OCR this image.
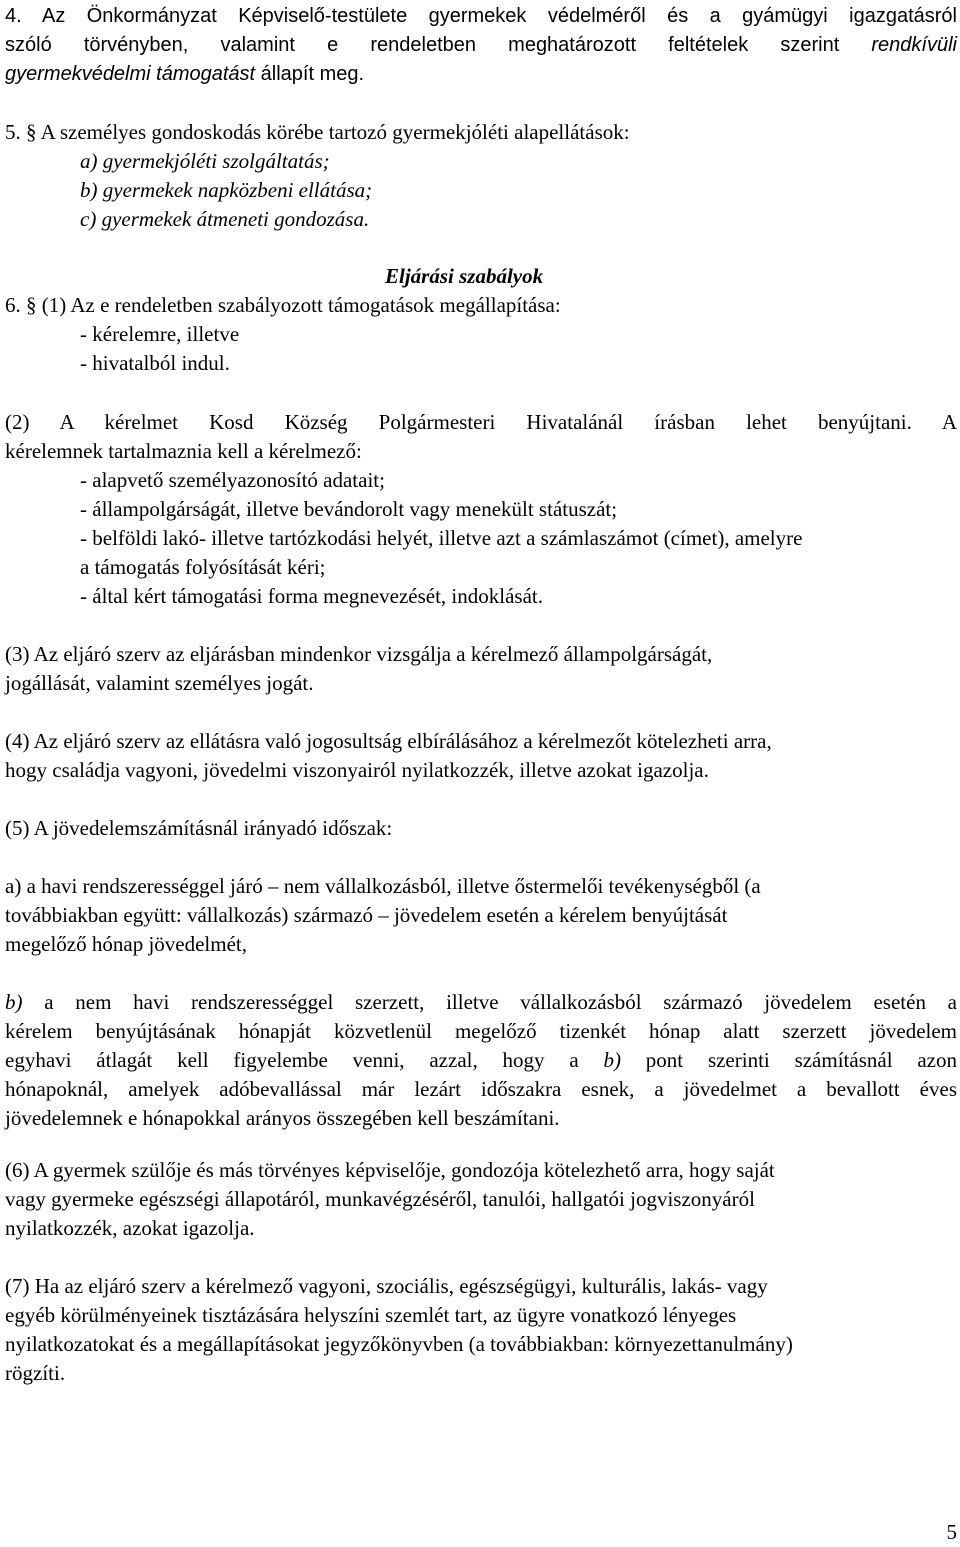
4. Az Önkormányzat Képviselő-testülete gyermekek védelméről és a gyámügyi igazgatásról
szóló törvényben, valamint e rendeletben meghatározott feltételek szerint rendkívüli
gyermekvédelmi támogatást állapít meg.
5. § A személyes gondoskodás körébe tartozó gyermekjóléti alapellátások:
a) gyermekjóléti szolgáltatás;
b) gyermekek napközbeni ellátása;
c) gyermekek átmeneti gondozása.
Eljárási szabályok
6. § (1) Az e rendeletben szabályozott támogatások megállapítása:
- kérelemre, illetve
- hivatalból indul.
(2) A kérelmet Kosd Község Polgármesteri Hivatalánál írásban lehet benyújtani. A
kérelemnek tartalmaznia kell a kérelmező:
- alapvető személyazonosító adatait;
- állampolgárságát, illetve bevándorolt vagy menekült státuszát;
- belföldi lakó- illetve tartózkodási helyét, illetve azt a számlaszámot (címet), amelyre
a támogatás folyósítását kéri;
- által kért támogatási forma megnevezését, indoklását.
(3) Az eljáró szerv az eljárásban mindenkor vizsgálja a kérelmező állampolgárságát,
jogállását, valamint személyes jogát.
(4) Az eljáró szerv az ellátásra való jogosultság elbírálásához a kérelmezőt kötelezheti arra,
hogy családja vagyoni, jövedelmi viszonyairól nyilatkozzék, illetve azokat igazolja.
(5) A jövedelemszámításnál irányadó időszak:
a) a havi rendszerességgel járó – nem vállalkozásból, illetve őstermelői tevékenységből (a
továbbiakban együtt: vállalkozás) származó – jövedelem esetén a kérelem benyújtását
megelőző hónap jövedelmét,
b) a nem havi rendszerességgel szerzett, illetve vállalkozásból származó jövedelem esetén a
kérelem benyújtásának hónapját közvetlenül megelőző tizenkét hónap alatt szerzett jövedelem
egyhavi átlagát kell figyelembe venni, azzal, hogy a b) pont szerinti számításnál azon
hónapoknál, amelyek adóbevallással már lezárt időszakra esnek, a jövedelmet a bevallott éves
jövedelemnek e hónapokkal arányos összegében kell beszámítani.
(6) A gyermek szülője és más törvényes képviselője, gondozója kötelezhető arra, hogy saját
vagy gyermeke egészségi állapotáról, munkavégzéséről, tanulói, hallgatói jogviszonyáról
nyilatkozzék, azokat igazolja.
(7) Ha az eljáró szerv a kérelmező vagyoni, szociális, egészségügyi, kulturális, lakás- vagy
egyéb körülményeinek tisztázására helyszíni szemlét tart, az ügyre vonatkozó lényeges
nyilatkozatokat és a megállapításokat jegyzőkönyvben (a továbbiakban: környezettanulmány)
rögzíti.
5
